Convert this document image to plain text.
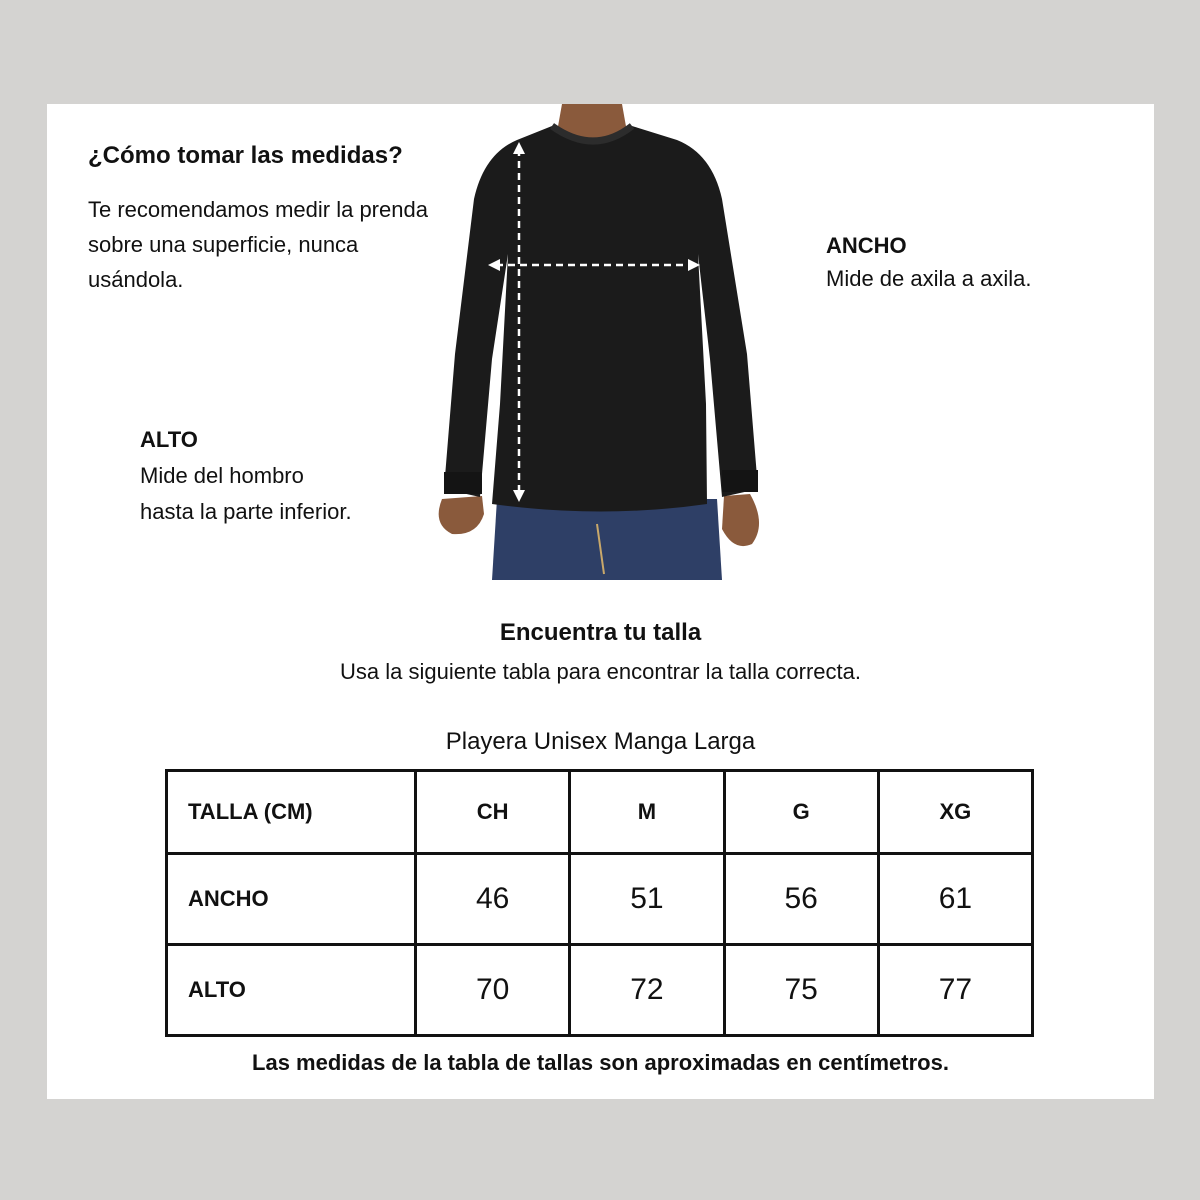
¿Cómo tomar las medidas?
Te recomendamos medir la prenda sobre una superficie, nunca usándola.
ALTO
Mide del hombro
hasta la parte inferior.
ANCHO
Mide de axila a axila.
Encuentra tu talla
Usa la siguiente tabla para encontrar la talla correcta.
Playera Unisex Manga Larga
TALLA (CM)	CH	M	G	XG
ANCHO	46	51	56	61
ALTO	70	72	75	77
Las medidas de la tabla de tallas son aproximadas en centímetros.
